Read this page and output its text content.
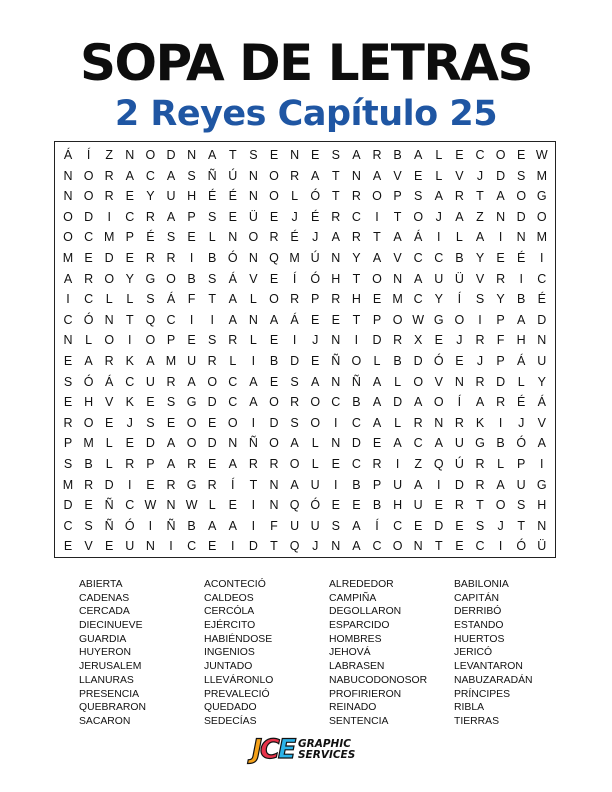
SOPA DE LETRAS
2 Reyes Capítulo 25
Á	Í	Z N O D N A	T	S E N E S A R B A	L	E C O E W
N O R A C A S Ñ Ú N O R A	T N A V E	L	V	J	D S M
N O R E Y U H É É N O L Ó T R O P S A R T	A O G
O D	I	C R A P S E Ü E	J	É R C	I	T O	J	A	Z N D O
O C M P É S E	L	N O R É	J	A R T	A Á	I	L	A	I	N M
M E D E R R	I	B Ó N Q M Ú N Y A V C C B Y E É	I
A R O Y G O B S Á V E	Í	Ó H T O N A U Ü V R	I	C
I	C	L	L	S Á	F	T	A	L O R P R H E M C Y	Í	S Y B É
C Ó N T Q C	I	I	A N A Á E E	T	P O W G O	I	P A D
N	L O	I	O P E S R	L	E	I	J	N	I	D R X E	J	R F H N
E A R K A M U R	L	I	B D E Ñ O L	B D Ó E	J	P Á U
S Ó Á C U R A O C A E S A N Ñ A	L O V N R D	L	Y
E H V K E S G D C A O R O C B A D A O	Í	A R É Á
R O E	J	S E O E O	I	D S O	I	C A	L	R N R K	I	J	V
P M L	E D A O D N Ñ O A	L	N D E A C A U G B Ó A
S B	L	R P A R E A R R O L	E C R	I	Z Q Ú R	L	P	I
M R D	I	E R G R	Í	T N A U	I	B P U A	I	D R A U G
D E Ñ C W N W L	E	I	N Q Ó E E B H U E R T O S H
C S Ñ Ó	I	Ñ B A A	I	F U U S A	Í	C E D E S	J	T N
E V E U N	I	C E	I	D T Q	J	N A C O N T	E C	I	Ó Ü
ABIERTA
CADENAS
CERCADA
DIECINUEVE
GUARDIA
HUYERON
JERUSALEM
LLANURAS
PRESENCIA
QUEBRARON
SACARON
ACONTECIÓ
CALDEOS
CERCÓLA
EJÉRCITO
HABIÉNDOSE
INGENIOS
JUNTADO
LLEVÁRONLO
PREVALECIÓ
QUEDADO
SEDECÍAS
ALREDEDOR
CAMPIÑA
DEGOLLARON
ESPARCIDO
HOMBRES
JEHOVÁ
LABRASEN
NABUCODONOSOR
PROFIRIERON
REINADO
SENTENCIA
BABILONIA
CAPITÁN
DERRIBÓ
ESTANDO
HUERTOS
JERICÓ
LEVANTARON
NABUZARADÁN
PRÍNCIPES
RIBLA
TIERRAS
JCE GRAPHIC
SERVICES
